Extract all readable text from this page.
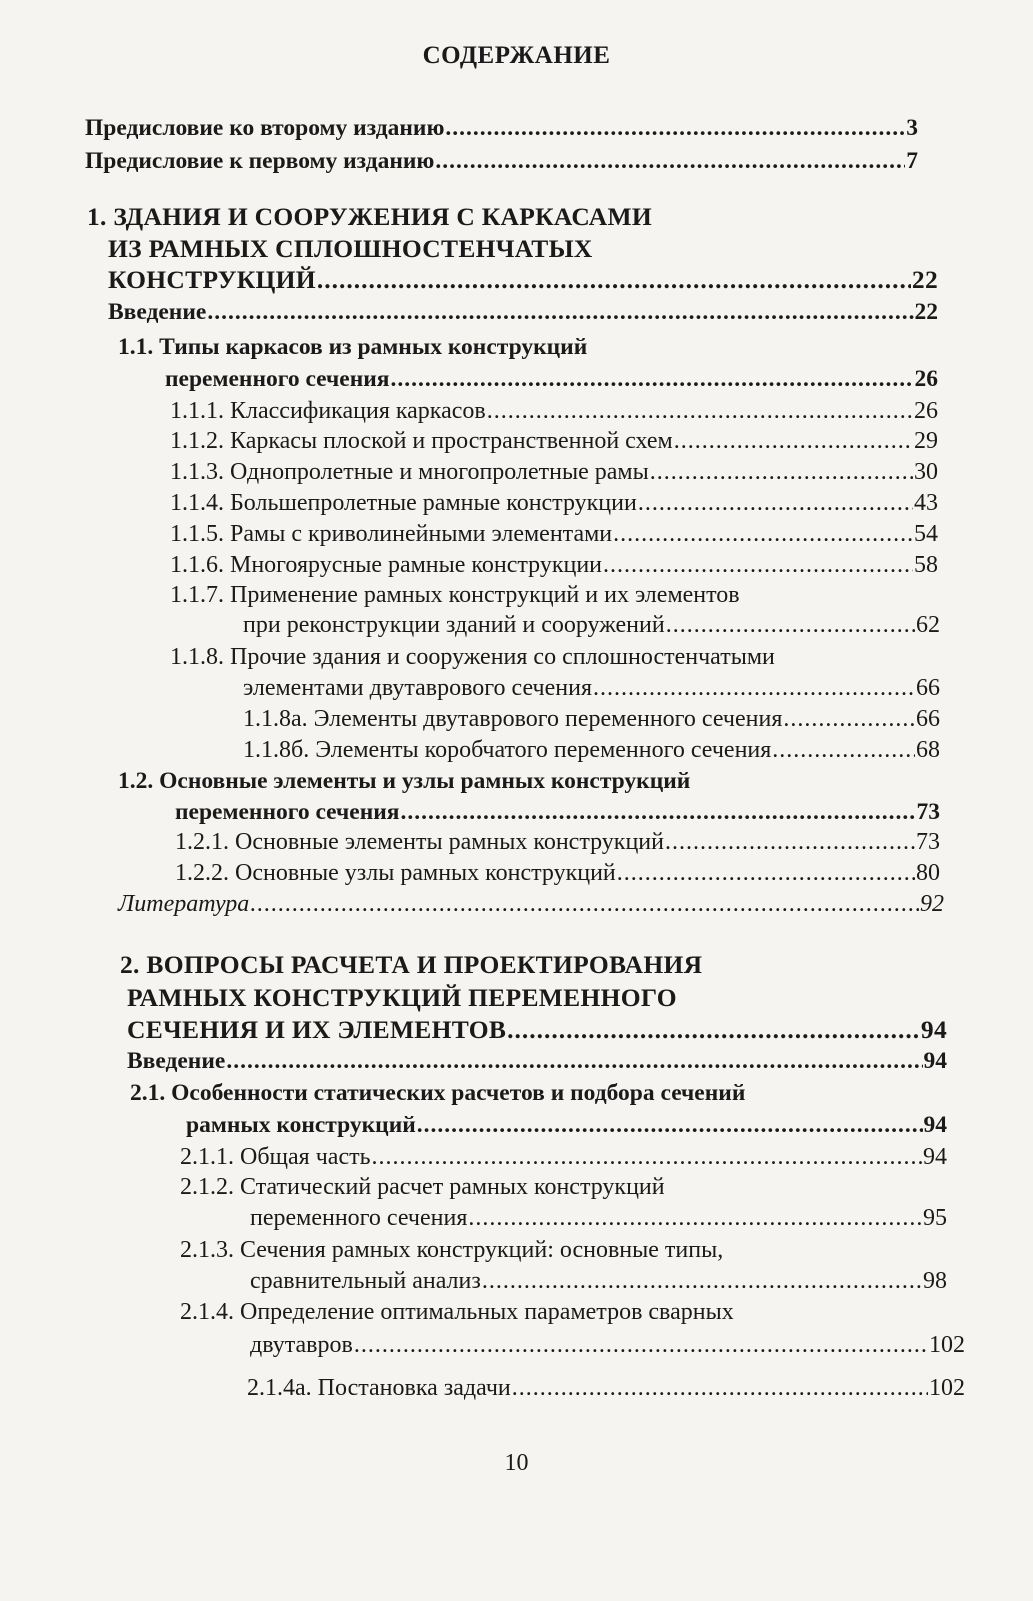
СОДЕРЖАНИЕ
Предисловие ко второму изданию .....	3
Предисловие к первому изданию .....	7
1. ЗДАНИЯ И СООРУЖЕНИЯ С КАРКАСАМИ
ИЗ РАМНЫХ СПЛОШНОСТЕНЧАТЫХ
КОНСТРУКЦИЙ .....	22
Введение .....	22
1.1. Типы каркасов из рамных конструкций
переменного сечения .....	26
1.1.1. Классификация каркасов .....	26
1.1.2. Каркасы плоской и пространственной схем .....	29
1.1.3. Однопролетные и многопролетные рамы .....	30
1.1.4. Большепролетные рамные конструкции .....	43
1.1.5. Рамы с криволинейными элементами .....	54
1.1.6. Многоярусные рамные конструкции .....	58
1.1.7. Применение рамных конструкций и их элементов
при реконструкции зданий и сооружений .....	62
1.1.8. Прочие здания и сооружения со сплошностенчатыми
элементами двутаврового сечения .....	66
1.1.8а. Элементы двутаврового переменного сечения .....	66
1.1.8б. Элементы коробчатого переменного сечения .....	68
1.2. Основные элементы и узлы рамных конструкций
переменного сечения .....	73
1.2.1. Основные элементы рамных конструкций .....	73
1.2.2. Основные узлы рамных конструкций .....	80
Литература .....	92
2. ВОПРОСЫ РАСЧЕТА И ПРОЕКТИРОВАНИЯ
РАМНЫХ КОНСТРУКЦИЙ ПЕРЕМЕННОГО
СЕЧЕНИЯ И ИХ ЭЛЕМЕНТОВ .....	94
Введение .....	94
2.1. Особенности статических расчетов и подбора сечений
рамных конструкций .....	94
2.1.1. Общая часть .....	94
2.1.2. Статический расчет рамных конструкций
переменного сечения .....	95
2.1.3. Сечения рамных конструкций: основные типы,
сравнительный анализ .....	98
2.1.4. Определение оптимальных параметров сварных
двутавров .....	102
2.1.4а. Постановка задачи .....	102
10
